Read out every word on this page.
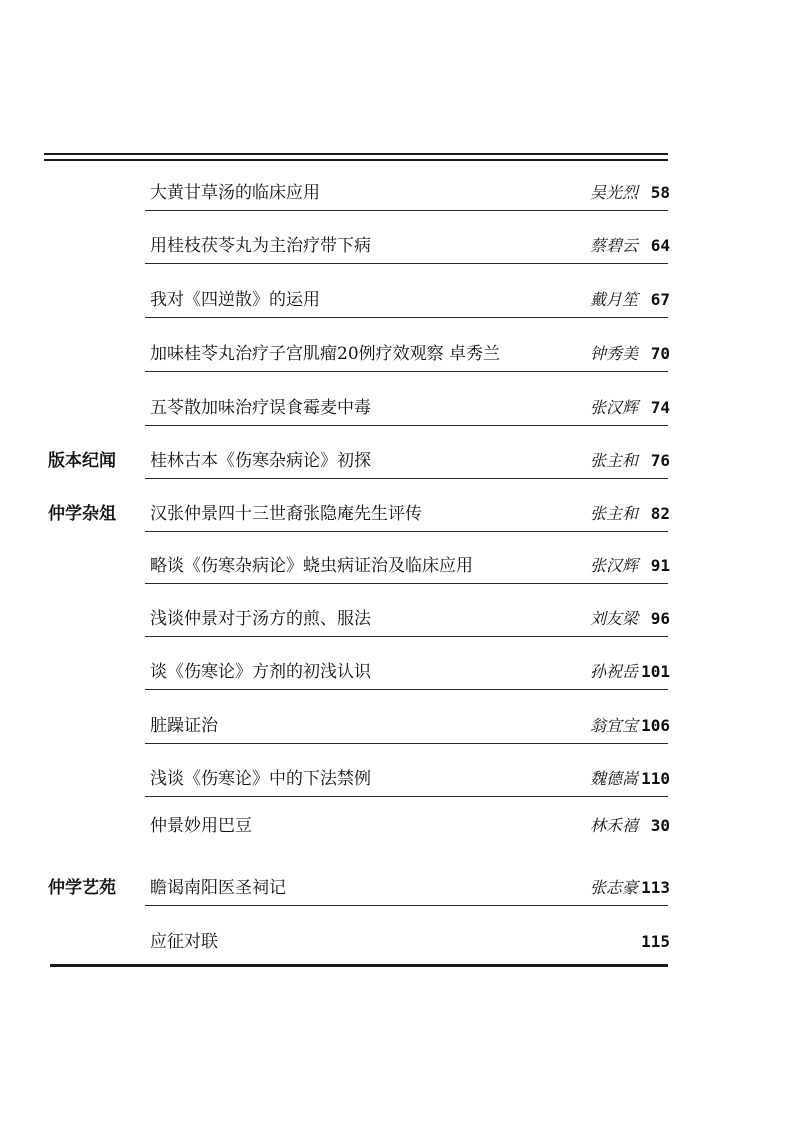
大黄甘草汤的临床应用	吴光烈 58
用桂枝茯苓丸为主治疗带下病	蔡碧云 64
我对《四逆散》的运用	戴月笙 67
加味桂苓丸治疗子宫肌瘤20例疗效观察 卓秀兰	钟秀美 70
五苓散加味治疗误食霉麦中毒	张汉辉 74
版本纪闻 桂林古本《伤寒杂病论》初探	张主和 76
仲学杂俎 汉张仲景四十三世裔张隐庵先生评传	张主和 82
略谈《伤寒杂病论》蛲虫病证治及临床应用	张汉辉 91
浅谈仲景对于汤方的煎、服法	刘友梁 96
谈《伤寒论》方剂的初浅认识	孙祝岳 101
脏躁证治	翁宜宝 106
浅谈《伤寒论》中的下法禁例	魏德嵩 110
仲景妙用巴豆	林禾禧 30
仲学艺苑 瞻谒南阳医圣祠记	张志豪 113
应征对联	115
